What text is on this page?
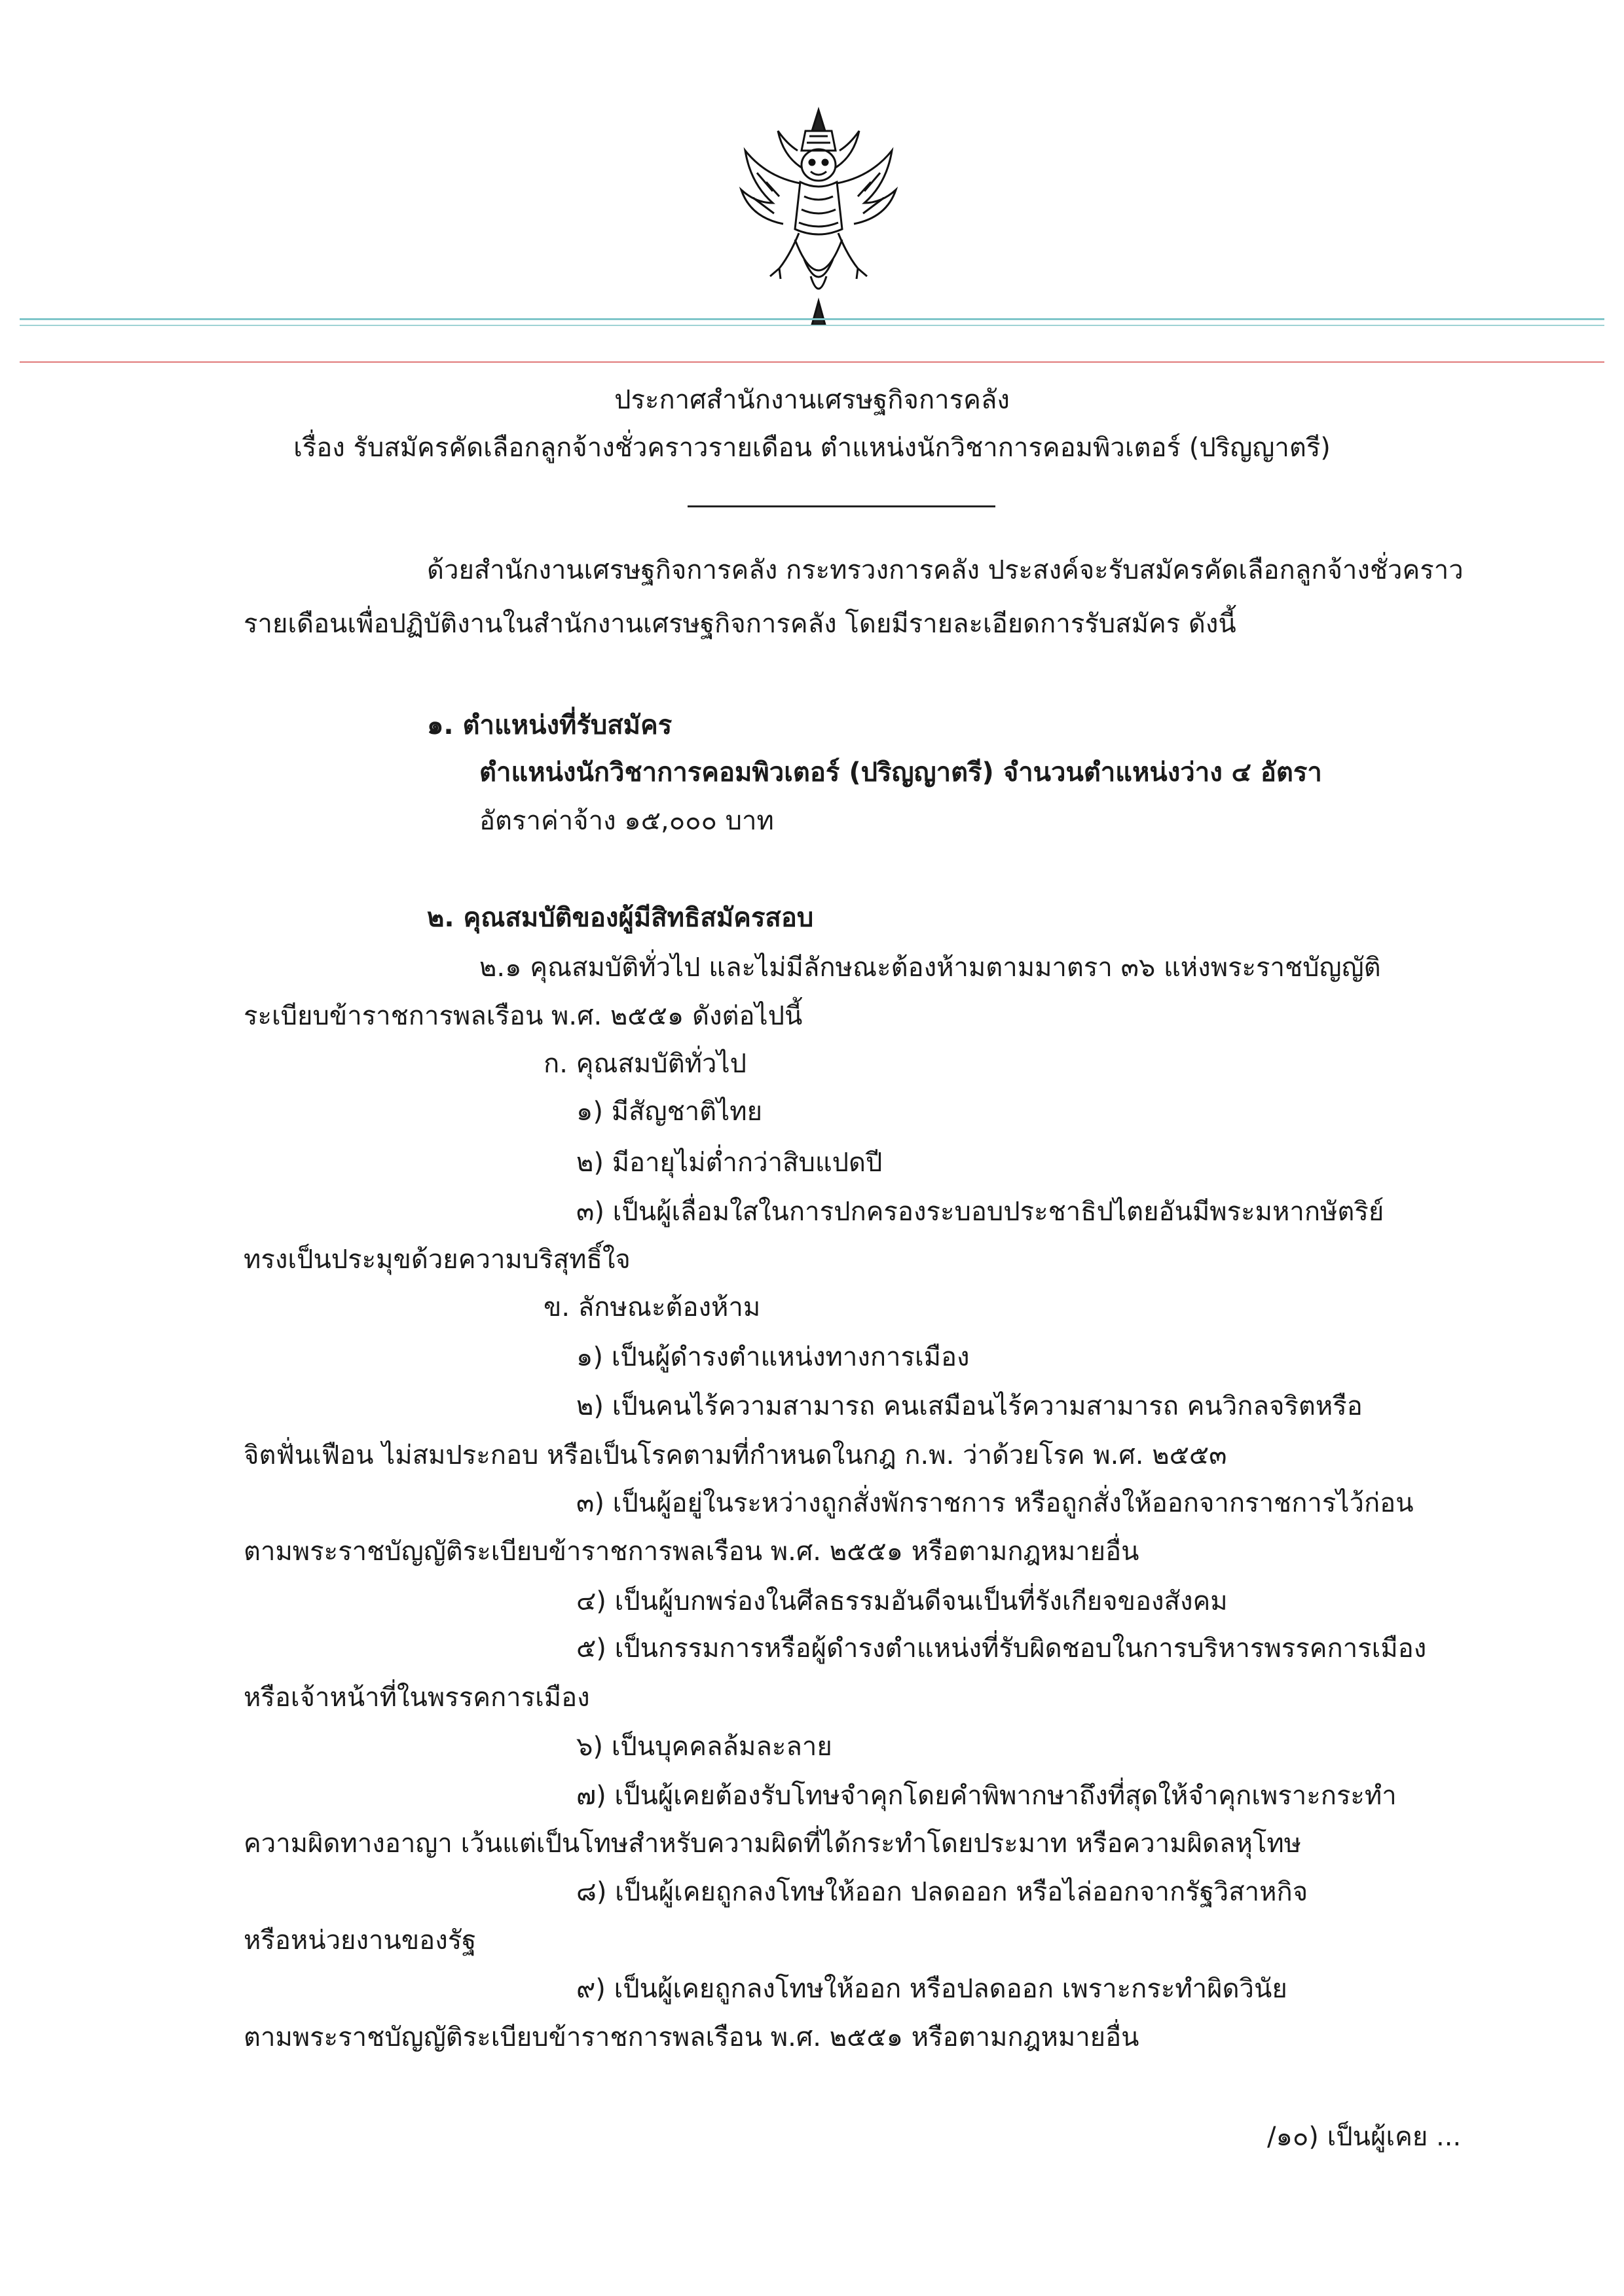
ประกาศสำนักงานเศรษฐกิจการคลัง
เรื่อง รับสมัครคัดเลือกลูกจ้างชั่วคราวรายเดือน ตำแหน่งนักวิชาการคอมพิวเตอร์ (ปริญญาตรี)
ด้วยสำนักงานเศรษฐกิจการคลัง กระทรวงการคลัง ประสงค์จะรับสมัครคัดเลือกลูกจ้างชั่วคราว
รายเดือนเพื่อปฏิบัติงานในสำนักงานเศรษฐกิจการคลัง โดยมีรายละเอียดการรับสมัคร ดังนี้
๑. ตำแหน่งที่รับสมัคร
ตำแหน่งนักวิชาการคอมพิวเตอร์ (ปริญญาตรี) จำนวนตำแหน่งว่าง ๔ อัตรา
อัตราค่าจ้าง ๑๕,๐๐๐ บาท
๒. คุณสมบัติของผู้มีสิทธิสมัครสอบ
๒.๑ คุณสมบัติทั่วไป และไม่มีลักษณะต้องห้ามตามมาตรา ๓๖ แห่งพระราชบัญญัติ
ระเบียบข้าราชการพลเรือน พ.ศ. ๒๕๕๑ ดังต่อไปนี้
ก. คุณสมบัติทั่วไป
๑) มีสัญชาติไทย
๒) มีอายุไม่ต่ำกว่าสิบแปดปี
๓) เป็นผู้เลื่อมใสในการปกครองระบอบประชาธิปไตยอันมีพระมหากษัตริย์
ทรงเป็นประมุขด้วยความบริสุทธิ์ใจ
ข. ลักษณะต้องห้าม
๑) เป็นผู้ดำรงตำแหน่งทางการเมือง
๒) เป็นคนไร้ความสามารถ คนเสมือนไร้ความสามารถ คนวิกลจริตหรือ
จิตฟั่นเฟือน ไม่สมประกอบ หรือเป็นโรคตามที่กำหนดในกฎ ก.พ. ว่าด้วยโรค พ.ศ. ๒๕๕๓
๓) เป็นผู้อยู่ในระหว่างถูกสั่งพักราชการ หรือถูกสั่งให้ออกจากราชการไว้ก่อน
ตามพระราชบัญญัติระเบียบข้าราชการพลเรือน พ.ศ. ๒๕๕๑ หรือตามกฎหมายอื่น
๔) เป็นผู้บกพร่องในศีลธรรมอันดีจนเป็นที่รังเกียจของสังคม
๕) เป็นกรรมการหรือผู้ดำรงตำแหน่งที่รับผิดชอบในการบริหารพรรคการเมือง
หรือเจ้าหน้าที่ในพรรคการเมือง
๖) เป็นบุคคลล้มละลาย
๗) เป็นผู้เคยต้องรับโทษจำคุกโดยคำพิพากษาถึงที่สุดให้จำคุกเพราะกระทำ
ความผิดทางอาญา เว้นแต่เป็นโทษสำหรับความผิดที่ได้กระทำโดยประมาท หรือความผิดลหุโทษ
๘) เป็นผู้เคยถูกลงโทษให้ออก ปลดออก หรือไล่ออกจากรัฐวิสาหกิจ
หรือหน่วยงานของรัฐ
๙) เป็นผู้เคยถูกลงโทษให้ออก หรือปลดออก เพราะกระทำผิดวินัย
ตามพระราชบัญญัติระเบียบข้าราชการพลเรือน พ.ศ. ๒๕๕๑ หรือตามกฎหมายอื่น
/๑๐) เป็นผู้เคย ...
